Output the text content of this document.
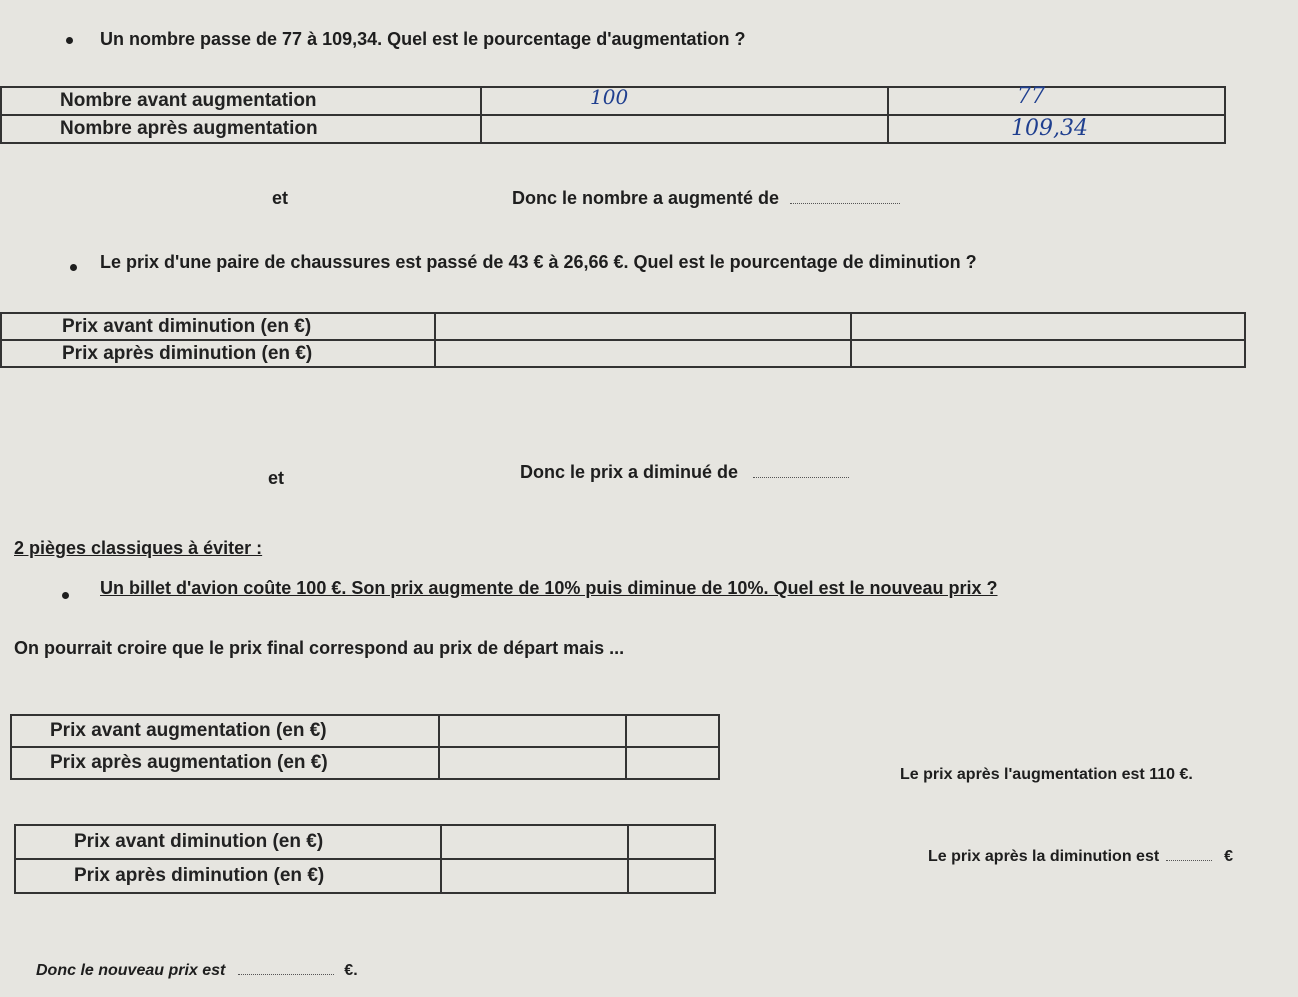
Un nombre passe de 77 à 109,34. Quel est le pourcentage d'augmentation ?
Nombre avant augmentation	100	77

Nombre après augmentation		109,34
et	Donc le nombre a augmenté de
Le prix d'une paire de chaussures est passé de 43 € à 26,66 €. Quel est le pourcentage de diminution ?
Prix avant diminution (en €)		
Prix après diminution (en €)		
et	Donc le prix a diminué de
2 pièges classiques à éviter :
Un billet d'avion coûte 100 €. Son prix augmente de 10% puis diminue de 10%. Quel est le nouveau prix ?
On pourrait croire que le prix final correspond au prix de départ mais ...
Prix avant augmentation (en €)		
Prix après augmentation (en €)		
Le prix après l'augmentation est 110 €.
Prix avant diminution (en €)		
Prix après diminution (en €)		
Le prix après la diminution est	€
Donc le nouveau prix est	€.
